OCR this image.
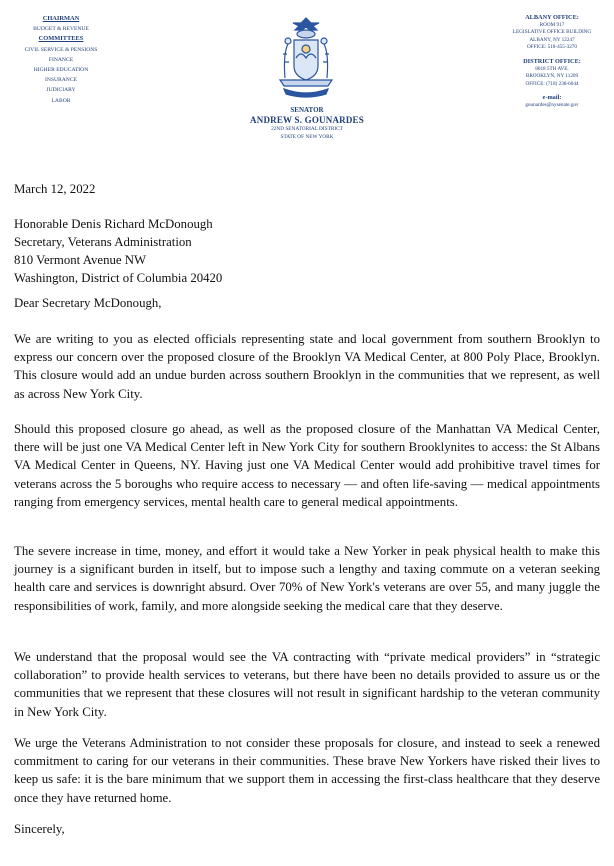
CHAIRMAN
BUDGET & REVENUE
COMMITTEES
CIVIL SERVICE & PENSIONS
FINANCE
HIGHER EDUCATION
INSURANCE
JUDICIARY
LABOR
SENATOR
ANDREW S. GOUNARDES
22ND SENATORIAL DISTRICT
STATE OF NEW YORK
ALBANY OFFICE:
ROOM 917
LEGISLATIVE OFFICE BUILDING
ALBANY, NY 12247
OFFICE: 518-455-3270
DISTRICT OFFICE:
8018 5TH AVE.
BROOKLYN, NY 11209
OFFICE: (718) 238-6044
e-mail:
gounardes@nysenate.gov
March 12, 2022
Honorable Denis Richard McDonough
Secretary, Veterans Administration
810 Vermont Avenue NW
Washington, District of Columbia 20420
Dear Secretary McDonough,
We are writing to you as elected officials representing state and local government from southern Brooklyn to express our concern over the proposed closure of the Brooklyn VA Medical Center, at 800 Poly Place, Brooklyn. This closure would add an undue burden across southern Brooklyn in the communities that we represent, as well as across New York City.
Should this proposed closure go ahead, as well as the proposed closure of the Manhattan VA Medical Center, there will be just one VA Medical Center left in New York City for southern Brooklynites to access: the St Albans VA Medical Center in Queens, NY. Having just one VA Medical Center would add prohibitive travel times for veterans across the 5 boroughs who require access to necessary — and often life-saving — medical appointments ranging from emergency services, mental health care to general medical appointments.
The severe increase in time, money, and effort it would take a New Yorker in peak physical health to make this journey is a significant burden in itself, but to impose such a lengthy and taxing commute on a veteran seeking health care and services is downright absurd. Over 70% of New York's veterans are over 55, and many juggle the responsibilities of work, family, and more alongside seeking the medical care that they deserve.
We understand that the proposal would see the VA contracting with “private medical providers” in “strategic collaboration” to provide health services to veterans, but there have been no details provided to assure us or the communities that we represent that these closures will not result in significant hardship to the veteran community in New York City.
We urge the Veterans Administration to not consider these proposals for closure, and instead to seek a renewed commitment to caring for our veterans in their communities. These brave New Yorkers have risked their lives to keep us safe: it is the bare minimum that we support them in accessing the first-class healthcare that they deserve once they have returned home.
Sincerely,
